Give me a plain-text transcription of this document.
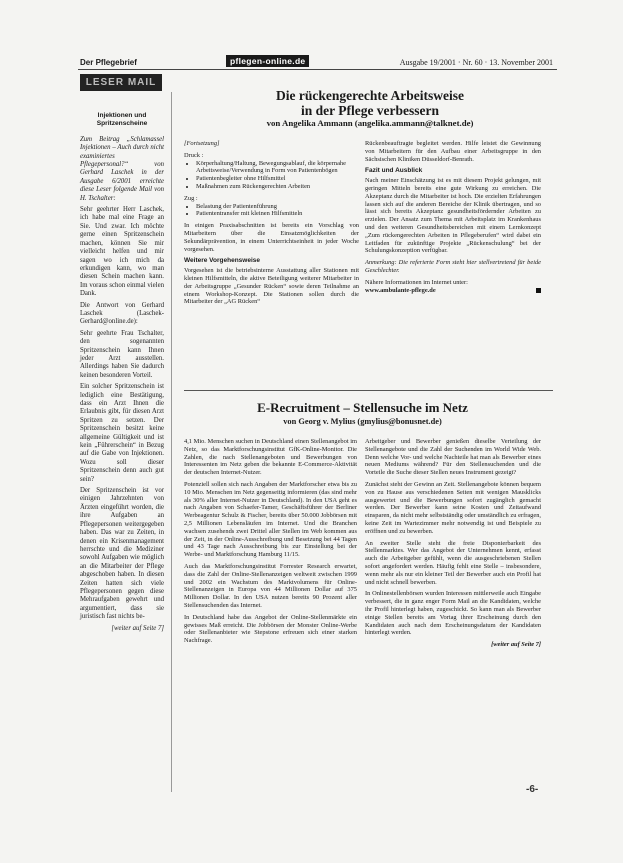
Der Pflegebrief	pflegen-online.de	Ausgabe 19/2001 · Nr. 60 · 13. November 2001
LESER MAIL
Injektionen und Spritzenscheine
Zum Beitrag „Schlamassel Injektionen – Auch durch nicht examiniertes Pflegepersonal?“ von Gerhard Laschek in der Ausgabe 6/2001 erreichte diese Leser folgende Mail von H. Tschalter:

Sehr geehrter Herr Laschek, ich habe mal eine Frage an Sie. Und zwar. Ich möchte gerne einen Spritzenschein machen, können Sie mir vielleicht helfen und mir sagen wo ich mich da erkundigen kann, wo man diesen Schein machen kann. Im voraus schon einmal vielen Dank.

Die Antwort von Gerhard Laschek (Laschek-Gerhard@online.de):

Sehr geehrte Frau Tschalter, den sogenannten Spritzenschein kann Ihnen jeder Arzt ausstellen. Allerdings haben Sie dadurch keinen besonderen Vorteil.

Ein solcher Spritzenschein ist lediglich eine Bestätigung, dass ein Arzt Ihnen die Erlaubnis gibt, für diesen Arzt Spritzen zu setzen. Der Spritzenschein besitzt keine allgemeine Gültigkeit und ist kein „Führerschein“ in Bezug auf die Gabe von Injektionen. Wozu soll dieser Spritzenschein denn auch gut sein?

Der Spritzenschein ist vor einigen Jahrzehnten von Ärzten eingeführt worden, die ihre Aufgaben an Pflegepersonen weitergegeben haben. Das war zu Zeiten, in denen ein Krisenmanagement herrschte und die Mediziner sowohl Aufgaben wie möglich an die Mitarbeiter der Pflege abgeschoben haben. In diesen Zeiten hatten sich viele Pflegepersonen gegen diese Mehraufgaben gewehrt und argumentiert, dass sie juristisch fast nichts be-

[weiter auf Seite 7]
Die rückengerechte Arbeitsweise
in der Pflege verbessern
von Angelika Ammann (angelika.ammann@talknet.de)

[Fortsetzung]

Druck :
• Körperhaltung/Haltung, Bewegungsablauf, die körpernahe Arbeitsweise/Verwendung in Form von Patientenbögen
• Patientenbegleiter ohne Hilfsmittel
• Maßnahmen zum Rückengerechten Arbeiten
Zug :
• Belastung der Patientenführung
• Patiententransfer mit kleinen Hilfsmitteln

In einigen Praxisabschnitten ist bereits ein Vorschlag von Mitarbeitern über die Einsatzmöglichkeiten der Sekundärprävention, in einem Unterrichtseinheit in jeder Woche vorgesehen.

Weitere Vorgehensweise

Vorgesehen ist die betriebsinterne Ausstattung aller Stationen mit kleinen Hilfsmitteln, die aktive Beteiligung weiterer Mitarbeiter in der Arbeitsgruppe „Gesunder Rücken“ sowie deren Teilnahme an einem Workshop-Konzept. Die Stationen sollen durch die Mitarbeiter der „AG Rücken“

Rückenbeauftragte begleitet werden. Hilfe leistet die Gewinnung von Mitarbeitern für den Aufbau einer Arbeitsgruppe in den Sächsischen Kliniken Düsseldorf-Benrath.

Fazit und Ausblick

Nach meiner Einschätzung ist es mit diesem Projekt gelungen, mit geringen Mitteln bereits eine gute Wirkung zu erreichen. Die Akzeptanz durch die Mitarbeiter ist hoch. Die erzielten Erfahrungen lassen sich auf die anderen Bereiche der Klinik übertragen, und so lässt sich bereits Akzeptanz gesundheitsfördernder Arbeiten zu erzielen. Der Ansatz zum Thema mit Arbeitsplatz im Krankenhaus und den weiteren Gesundheitsbereichen mit einem Lernkonzept „Zum rückengerechten Arbeiten in Pflegeberufen“ wird dabei ein Leitfaden für zukünftige Projekte „Rückenschulung“ bei der Schulungskonzeption verfügbar.

Anmerkung: Die referierte Form steht hier stellvertretend für beide Geschlechter.

Nähere Informationen im Internet unter:

www.ambulante-pflege.de
E-Recruitment – Stellensuche im Netz
von Georg v. Mylius (gmylius@bonusnet.de)

4,1 Mio. Menschen suchen in Deutschland einen Stellenangebot im Netz, so das Marktforschungsinstitut GfK-Online-Monitor. Die Zahlen, die nach Stellenangeboten und Bewerbungen von Interessenten im Netz geben die bekannte E-Commerce-Aktivität der deutschen Internet-Nutzer.

Potenziell sollen sich nach Angaben der Marktforscher etwa bis zu 10 Mio. Menschen im Netz gegenseitig informieren (das sind mehr als 30% aller Internet-Nutzer in Deutschland). In den USA geht es nach Angaben von Schaefer-Tamer, Geschäftsführer der Berliner Werbeagentur Schulz & Fischer, bereits über 50.000 Jobbörsen mit 2,5 Millionen Lebensläufen im Internet. Und die Branchen wachsen zusehends zwei Drittel aller Stellen im Web kommen aus der Zeit, in der Online-Ausschreibung und Besetzung bei 44 Tagen und 43 Tage nach Ausschreibung bis zur Einstellung bei der Werbe- und Marktforschung Hamburg 11/15.

Auch das Marktforschungsinstitut Forrester Research erwartet, dass die Zahl der Online-Stellenanzeigen weltweit zwischen 1999 und 2002 ein Wachstum des Marktvolumens für Online-Stellenanzeigen in Europa von 44 Millionen Dollar auf 375 Millionen Dollar. In den USA nutzen bereits 90 Prozent aller Stellensuchenden das Internet.

In Deutschland habe das Angebot der Online-Stellenmärkte ein gewisses Maß erreicht. Die Jobbörsen der Monster Online-Werbe oder Stellenanbieter wie Stepstone erfreuen sich einer starken Nachfrage.

Arbeitgeber und Bewerber genießen dieselbe Verteilung der Stellenangebote und die Zahl der Suchenden im World Wide Web. Denn welche Vor- und welche Nachteile hat man als Bewerber eines neuen Mediums während? Für den Stellensuchenden und die Vorteile die Suche dieser Stellen neues Instrument gezeigt?

Zunächst steht der Gewinn an Zeit. Stellenangebote können bequem von zu Hause aus verschiedenen Seiten mit wenigen Mausklicks ausgewertet und die Bewerbungen sofort zugänglich gemacht werden. Der Bewerber kann seine Kosten und Zeitaufwand einsparen, da nicht mehr selbstständig oder umständlich zu erfragen, keine Zeit im Wartezimmer mehr notwendig ist und Beispiele zu eröffnen und zu bewerben.

An zweiter Stelle steht die freie Disponierbarkeit des Stellenmarktes. Wer das Angebot der Unternehmen kennt, erfasst auch die Arbeitgeber gefühlt, wenn die ausgeschriebenen Stellen sofort angefordert werden. Häufig fehlt eine Stelle – insbesondere, wenn mehr als nur ein kleiner Teil der Bewerber auch ein Profil hat und nicht schnell bewerben.

In Onlinestellenbörsen wurden Interessen mittlerweile auch Eingabe verbessert, die in ganz enger Form Mail an die Kandidaten, welche ihr Profil hinterlegt haben, zugeschickt. So kann man als Bewerber einige Stellen bereits am Vortag ihrer Erscheinung durch den Kandidaten auch nach dem Erscheinungsdatum der Kandidaten hinterlegt werden.

[weiter auf Seite 7]
-6-
